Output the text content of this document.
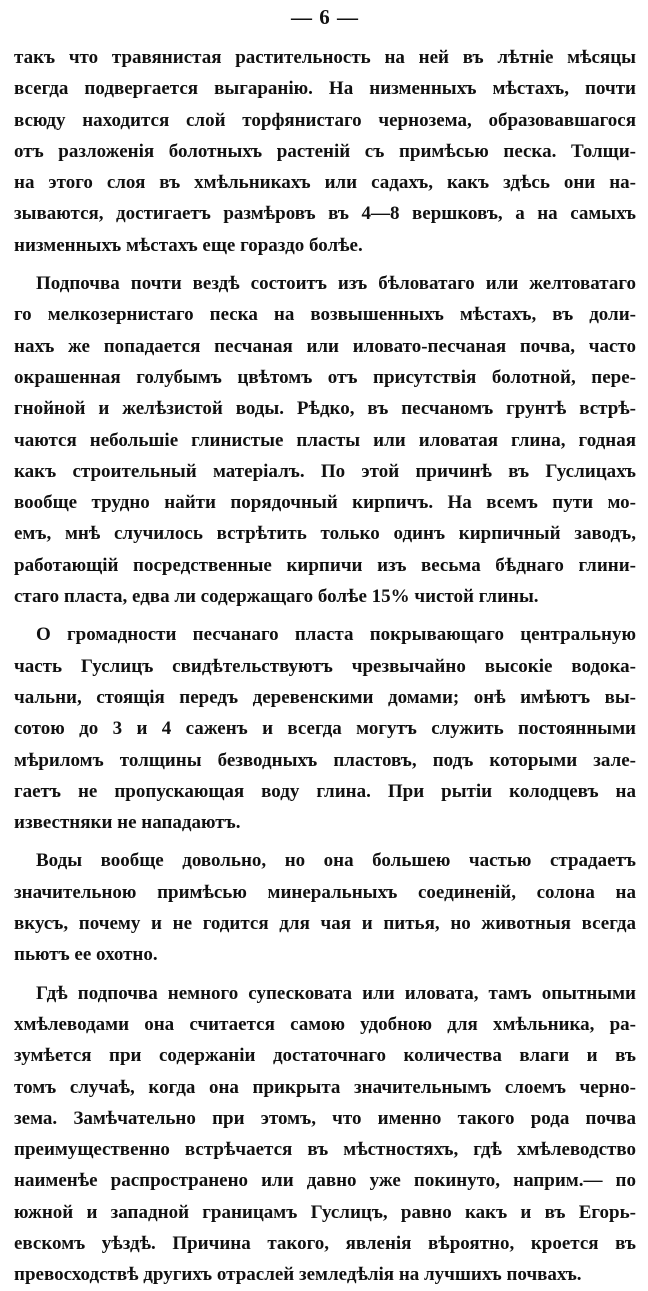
— 6 —
такъ что травянистая растительность на ней въ лѣтніе мѣсяцы
всегда подвергается выгаранію. На низменныхъ мѣстахъ, почти
всюду находится слой торфянистаго чернозема, образовавшагося
отъ разложенія болотныхъ растеній съ примѣсью песка. Толщи-
на этого слоя въ хмѣльникахъ или садахъ, какъ здѣсь они на-
зываются, достигаетъ размѣровъ въ 4—8 вершковъ, а на самыхъ
низменныхъ мѣстахъ еще гораздо болѣе.
Подпочва почти вездѣ состоитъ изъ бѣловатаго или желтоватаго
го мелкозернистаго песка на возвышенныхъ мѣстахъ, въ доли-
нахъ же попадается песчаная или иловато-песчаная почва, часто
окрашенная голубымъ цвѣтомъ отъ присутствія болотной, пере-
гнойной и желѣзистой воды. Рѣдко, въ песчаномъ грунтѣ встрѣ-
чаются небольшіе глинистые пласты или иловатая глина, годная
какъ строительный матеріалъ. По этой причинѣ въ Гуслицахъ
вообще трудно найти порядочный кирпичъ. На всемъ пути мо-
емъ, мнѣ случилось встрѣтить только одинъ кирпичный заводъ,
работающій посредственные кирпичи изъ весьма бѣднаго глини-
стаго пласта, едва ли содержащаго болѣе 15% чистой глины.
О громадности песчанаго пласта покрывающаго центральную
часть Гуслицъ свидѣтельствуютъ чрезвычайно высокіе водока-
чальни, стоящія передъ деревенскими домами; онѣ имѣютъ вы-
сотою до 3 и 4 саженъ и всегда могутъ служить постоянными
мѣриломъ толщины безводныхъ пластовъ, подъ которыми зале-
гаетъ не пропускающая воду глина. При рытіи колодцевъ на
известняки не нападаютъ.
Воды вообще довольно, но она большею частью страдаетъ
значительною примѣсью минеральныхъ соединеній, солона на
вкусъ, почему и не годится для чая и питья, но животныя всегда
пьютъ ее охотно.
Гдѣ подпочва немного супесковата или иловата, тамъ опытными
хмѣлеводами она считается самою удобною для хмѣльника, ра-
зумѣется при содержаніи достаточнаго количества влаги и въ
томъ случаѣ, когда она прикрыта значительнымъ слоемъ черно-
зема. Замѣчательно при этомъ, что именно такого рода почва
преимущественно встрѣчается въ мѣстностяхъ, гдѣ хмѣлеводство
наименѣе распространено или давно уже покинуто, наприм.— по
южной и западной границамъ Гуслицъ, равно какъ и въ Егорь-
евскомъ уѣздѣ. Причина такого, явленія вѣроятно, кроется въ
превосходствѣ другихъ отраслей земледѣлія на лучшихъ почвахъ.
